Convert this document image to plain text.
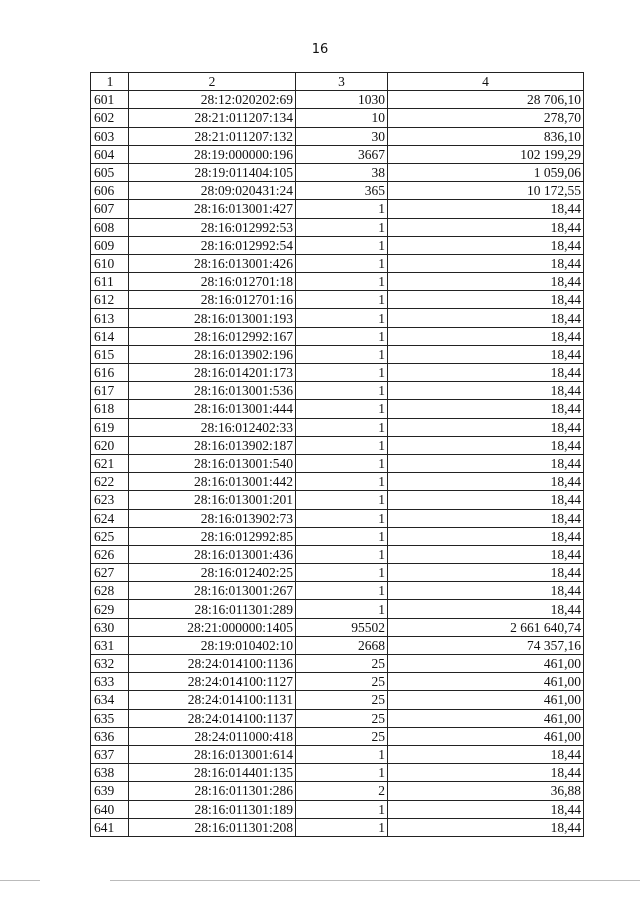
16
1	2	3	4
601	28:12:020202:69	1030	28 706,10
602	28:21:011207:134	10	278,70
603	28:21:011207:132	30	836,10
604	28:19:000000:196	3667	102 199,29
605	28:19:011404:105	38	1 059,06
606	28:09:020431:24	365	10 172,55
607	28:16:013001:427	1	18,44
608	28:16:012992:53	1	18,44
609	28:16:012992:54	1	18,44
610	28:16:013001:426	1	18,44
611	28:16:012701:18	1	18,44
612	28:16:012701:16	1	18,44
613	28:16:013001:193	1	18,44
614	28:16:012992:167	1	18,44
615	28:16:013902:196	1	18,44
616	28:16:014201:173	1	18,44
617	28:16:013001:536	1	18,44
618	28:16:013001:444	1	18,44
619	28:16:012402:33	1	18,44
620	28:16:013902:187	1	18,44
621	28:16:013001:540	1	18,44
622	28:16:013001:442	1	18,44
623	28:16:013001:201	1	18,44
624	28:16:013902:73	1	18,44
625	28:16:012992:85	1	18,44
626	28:16:013001:436	1	18,44
627	28:16:012402:25	1	18,44
628	28:16:013001:267	1	18,44
629	28:16:011301:289	1	18,44
630	28:21:000000:1405	95502	2 661 640,74
631	28:19:010402:10	2668	74 357,16
632	28:24:014100:1136	25	461,00
633	28:24:014100:1127	25	461,00
634	28:24:014100:1131	25	461,00
635	28:24:014100:1137	25	461,00
636	28:24:011000:418	25	461,00
637	28:16:013001:614	1	18,44
638	28:16:014401:135	1	18,44
639	28:16:011301:286	2	36,88
640	28:16:011301:189	1	18,44
641	28:16:011301:208	1	18,44
